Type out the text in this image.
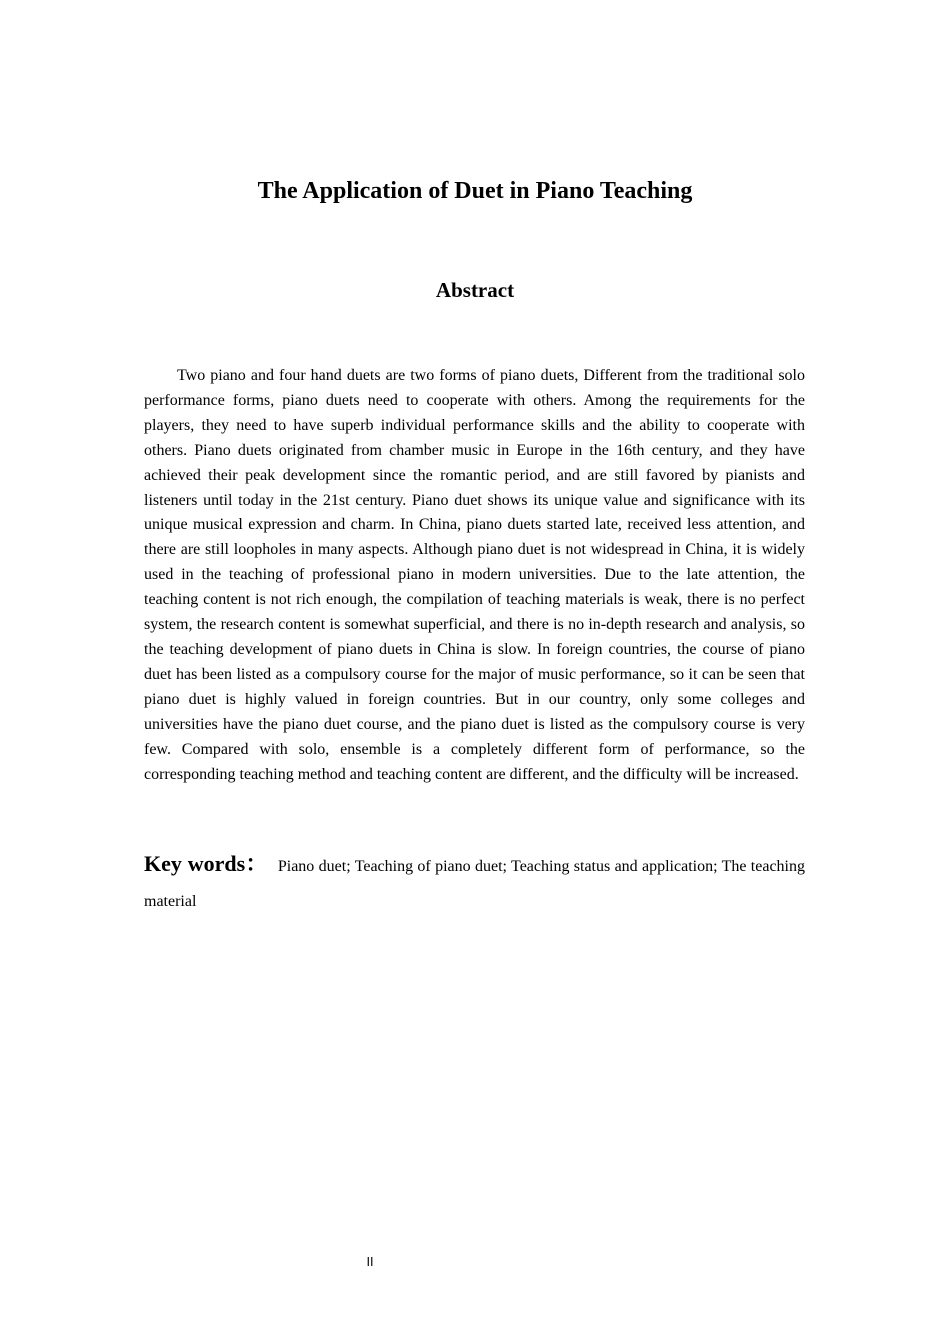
The Application of Duet in Piano Teaching
Abstract

Two piano and four hand duets are two forms of piano duets, Different from the traditional solo performance forms, piano duets need to cooperate with others. Among the requirements for the players, they need to have superb individual performance skills and the ability to cooperate with others. Piano duets originated from chamber music in Europe in the 16th century, and they have achieved their peak development since the romantic period, and are still favored by pianists and listeners until today in the 21st century. Piano duet shows its unique value and significance with its unique musical expression and charm. In China, piano duets started late, received less attention, and there are still loopholes in many aspects. Although piano duet is not widespread in China, it is widely used in the teaching of professional piano in modern universities. Due to the late attention, the teaching content is not rich enough, the compilation of teaching materials is weak, there is no perfect system, the research content is somewhat superficial, and there is no in-depth research and analysis, so the teaching development of piano duets in China is slow. In foreign countries, the course of piano duet has been listed as a compulsory course for the major of music performance, so it can be seen that piano duet is highly valued in foreign countries. But in our country, only some colleges and universities have the piano duet course, and the piano duet is listed as the compulsory course is very few. Compared with solo, ensemble is a completely different form of performance, so the corresponding teaching method and teaching content are different, and the difficulty will be increased.

Key words： Piano duet; Teaching of piano duet; Teaching status and application; The teaching material

II
